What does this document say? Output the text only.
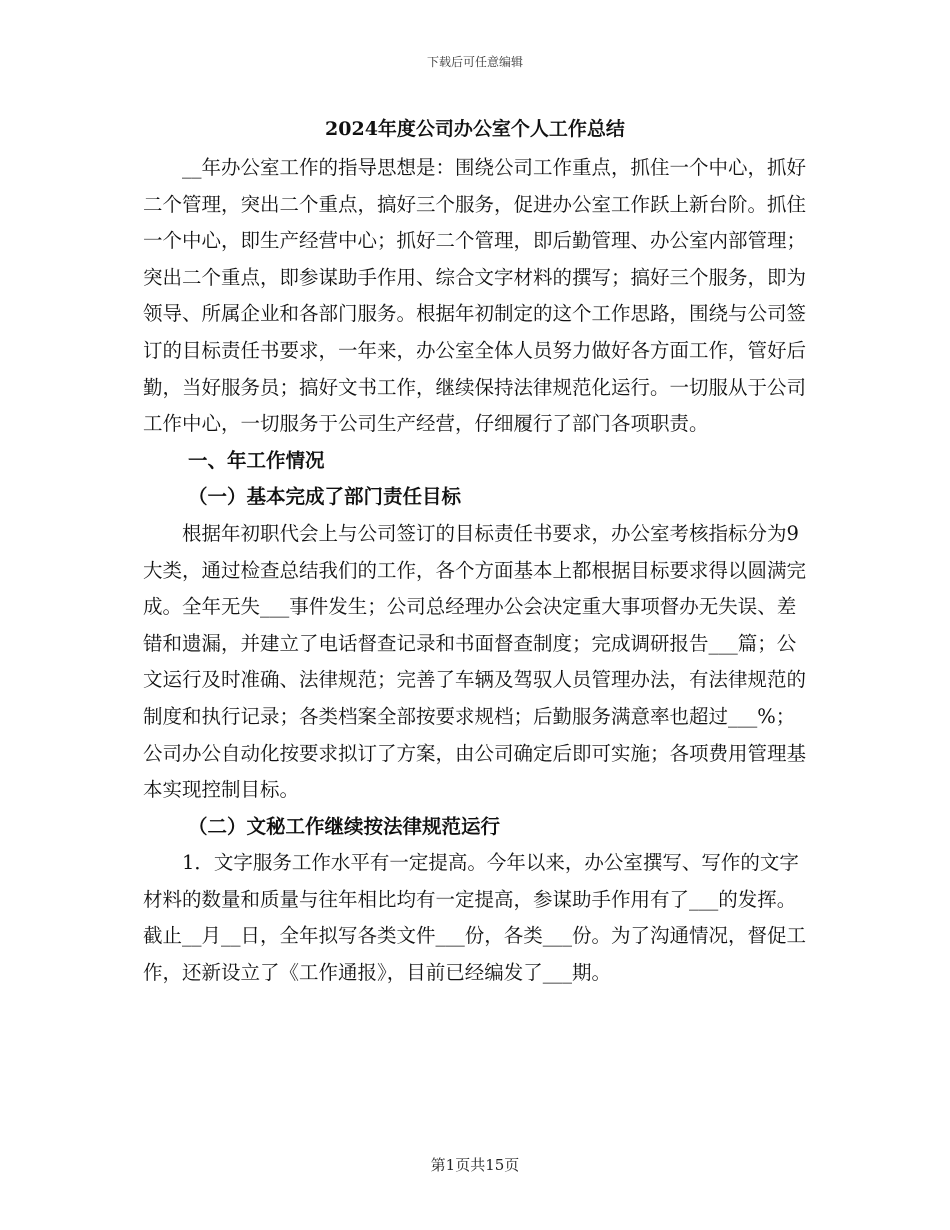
下载后可任意编辑
2024年度公司办公室个人工作总结

__年办公室工作的指导思想是：围绕公司工作重点，抓住一个中心，抓好二个管理，突出二个重点，搞好三个服务，促进办公室工作跃上新台阶。抓住一个中心，即生产经营中心；抓好二个管理，即后勤管理、办公室内部管理；突出二个重点，即参谋助手作用、综合文字材料的撰写；搞好三个服务，即为领导、所属企业和各部门服务。根据年初制定的这个工作思路，围绕与公司签订的目标责任书要求，一年来，办公室全体人员努力做好各方面工作，管好后勤，当好服务员；搞好文书工作，继续保持法律规范化运行。一切服从于公司工作中心，一切服务于公司生产经营，仔细履行了部门各项职责。

一、年工作情况
（一）基本完成了部门责任目标

根据年初职代会上与公司签订的目标责任书要求，办公室考核指标分为9大类，通过检查总结我们的工作，各个方面基本上都根据目标要求得以圆满完成。全年无失___事件发生；公司总经理办公会决定重大事项督办无失误、差错和遗漏，并建立了电话督查记录和书面督查制度；完成调研报告___篇；公文运行及时准确、法律规范；完善了车辆及驾驭人员管理办法，有法律规范的制度和执行记录；各类档案全部按要求规档；后勤服务满意率也超过___%；公司办公自动化按要求拟订了方案，由公司确定后即可实施；各项费用管理基本实现控制目标。

（二）文秘工作继续按法律规范运行

1．文字服务工作水平有一定提高。今年以来，办公室撰写、写作的文字材料的数量和质量与往年相比均有一定提高，参谋助手作用有了___的发挥。截止__月__日，全年拟写各类文件___份，各类___份。为了沟通情况，督促工作，还新设立了《工作通报》，目前已经编发了___期。

第1页共15页
